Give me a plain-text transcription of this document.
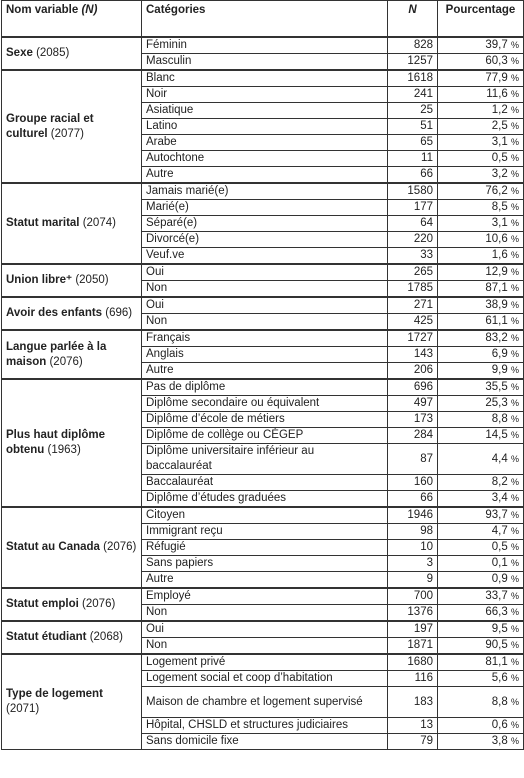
Nom variable (N)	Catégories	N	Pourcentage
Sexe (2085)	Féminin	828	39,7 %
	Masculin	1257	60,3 %
Groupe racial et culturel (2077)	Blanc	1618	77,9 %
	Noir	241	11,6 %
	Asiatique	25	1,2 %
	Latino	51	2,5 %
	Arabe	65	3,1 %
	Autochtone	11	0,5 %
	Autre	66	3,2 %
Statut marital (2074)	Jamais marié(e)	1580	76,2 %
	Marié(e)	177	8,5 %
	Séparé(e)	64	3,1 %
	Divorcé(e)	220	10,6 %
	Veuf.ve	33	1,6 %
Union libre⁺ (2050)	Oui	265	12,9 %
	Non	1785	87,1 %
Avoir des enfants (696)	Oui	271	38,9 %
	Non	425	61,1 %
Langue parlée à la maison (2076)	Français	1727	83,2 %
	Anglais	143	6,9 %
	Autre	206	9,9 %
Plus haut diplôme obtenu (1963)	Pas de diplôme	696	35,5 %
	Diplôme secondaire ou équivalent	497	25,3 %
	Diplôme d’école de métiers	173	8,8 %
	Diplôme de collège ou CÉGEP	284	14,5 %
	Diplôme universitaire inférieur au baccalauréat	87	4,4 %
	Baccalauréat	160	8,2 %
	Diplôme d’études graduées	66	3,4 %
Statut au Canada (2076)	Citoyen	1946	93,7 %
	Immigrant reçu	98	4,7 %
	Réfugié	10	0,5 %
	Sans papiers	3	0,1 %
	Autre	9	0,9 %
Statut emploi (2076)	Employé	700	33,7 %
	Non	1376	66,3 %
Statut étudiant (2068)	Oui	197	9,5 %
	Non	1871	90,5 %
Type de logement (2071)	Logement privé	1680	81,1 %
	Logement social et coop d’habitation	116	5,6 %
	Maison de chambre et logement supervisé	183	8,8 %
	Hôpital, CHSLD et structures judiciaires	13	0,6 %
	Sans domicile fixe	79	3,8 %
